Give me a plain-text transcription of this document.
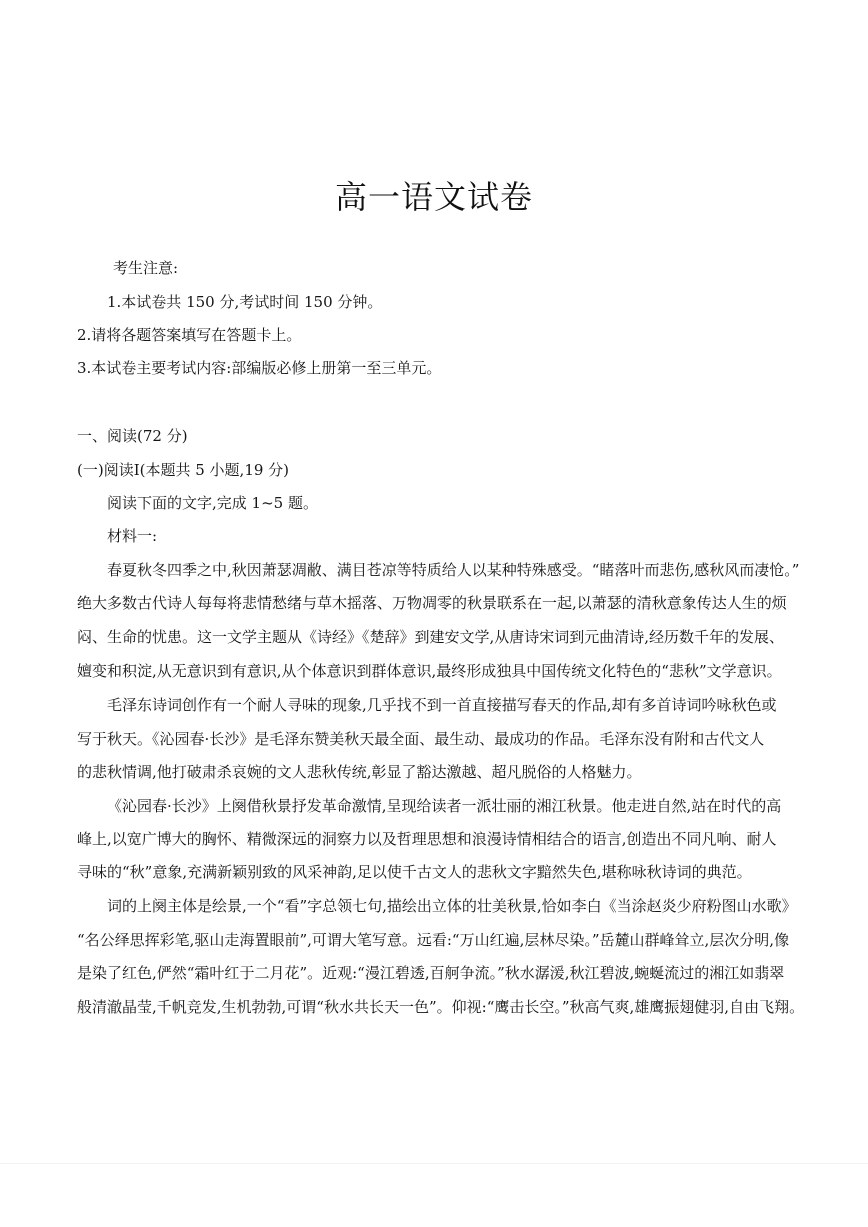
高一语文试卷
考生注意:
1.本试卷共 150 分,考试时间 150 分钟。
2.请将各题答案填写在答题卡上。
3.本试卷主要考试内容:部编版必修上册第一至三单元。
一、阅读(72 分)
(一)阅读I(本题共 5 小题,19 分)
阅读下面的文字,完成 1~5 题。
材料一:
春夏秋冬四季之中,秋因萧瑟凋敝、满目苍凉等特质给人以某种特殊感受。“睹落叶而悲伤,感秋风而凄怆。”
绝大多数古代诗人每每将悲情愁绪与草木摇落、万物凋零的秋景联系在一起,以萧瑟的清秋意象传达人生的烦
闷、生命的忧患。这一文学主题从《诗经》《楚辞》到建安文学,从唐诗宋词到元曲清诗,经历数千年的发展、
嬗变和积淀,从无意识到有意识,从个体意识到群体意识,最终形成独具中国传统文化特色的“悲秋”文学意识。
毛泽东诗词创作有一个耐人寻味的现象,几乎找不到一首直接描写春天的作品,却有多首诗词吟咏秋色或
写于秋天。《沁园春·长沙》是毛泽东赞美秋天最全面、最生动、最成功的作品。毛泽东没有附和古代文人
的悲秋情调,他打破肃杀哀婉的文人悲秋传统,彰显了豁达激越、超凡脱俗的人格魅力。
《沁园春·长沙》上阕借秋景抒发革命激情,呈现给读者一派壮丽的湘江秋景。他走进自然,站在时代的高
峰上,以宽广博大的胸怀、精微深远的洞察力以及哲理思想和浪漫诗情相结合的语言,创造出不同凡响、耐人
寻味的“秋”意象,充满新颖别致的风采神韵,足以使千古文人的悲秋文字黯然失色,堪称咏秋诗词的典范。
词的上阕主体是绘景,一个“看”字总领七句,描绘出立体的壮美秋景,恰如李白《当涂赵炎少府粉图山水歌》
“名公绎思挥彩笔,驱山走海置眼前”,可谓大笔写意。远看:“万山红遍,层林尽染。”岳麓山群峰耸立,层次分明,像
是染了红色,俨然“霜叶红于二月花”。近观:“漫江碧透,百舸争流。”秋水潺湲,秋江碧波,蜿蜒流过的湘江如翡翠
般清澈晶莹,千帆竞发,生机勃勃,可谓“秋水共长天一色”。仰视:“鹰击长空。”秋高气爽,雄鹰振翅健羽,自由飞翔。
